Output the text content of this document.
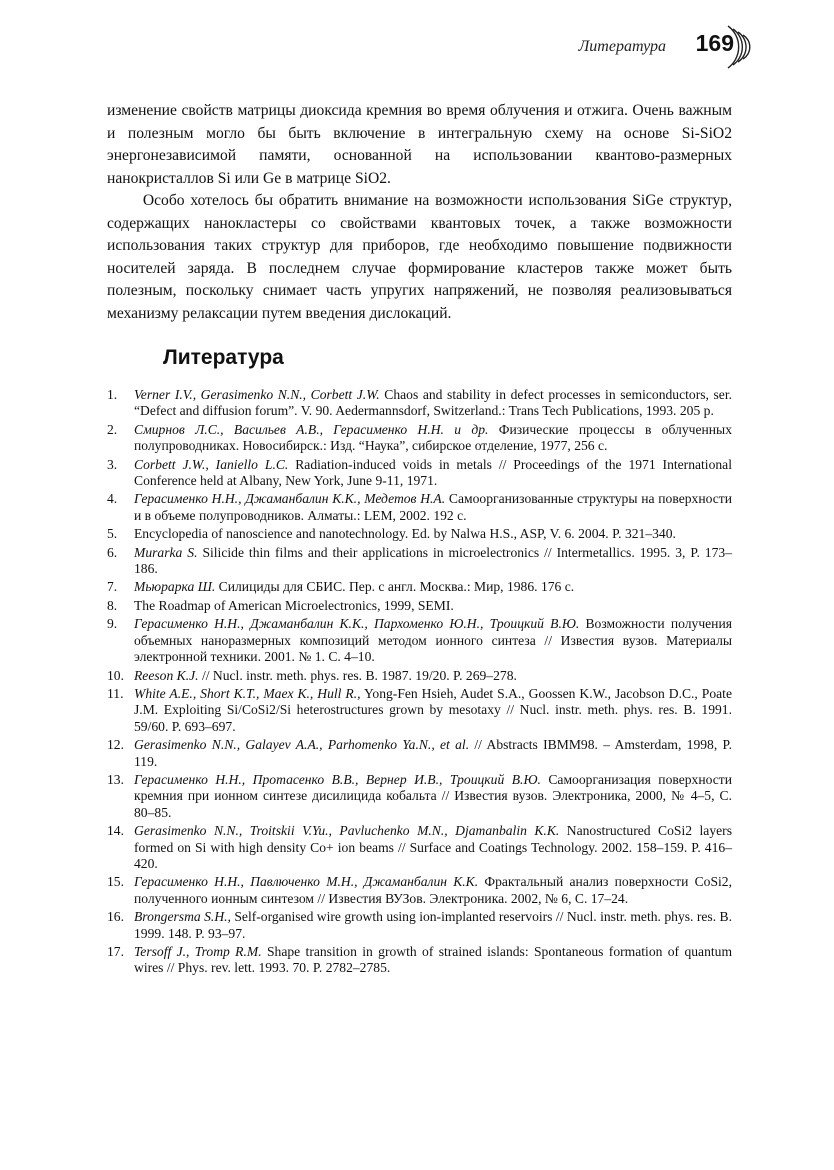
Литература 169

изменение свойств матрицы диоксида кремния во время облучения и отжига. Очень важным и полезным могло бы быть включение в интегральную схему на основе Si-SiO2 энергонезависимой памяти, основанной на использовании квантово-размерных нанокристаллов Si или Ge в матрице SiO2.

Особо хотелось бы обратить внимание на возможности использования SiGe структур, содержащих нанокластеры со свойствами квантовых точек, а также возможности использования таких структур для приборов, где необходимо повышение подвижности носителей заряда. В последнем случае формирование кластеров также может быть полезным, поскольку снимает часть упругих напряжений, не позволяя реализовываться механизму релаксации путем введения дислокаций.

Литература
1.	Verner I.V., Gerasimenko N.N., Corbett J.W. Chaos and stability in defect processes in semiconductors, ser. “Defect and diffusion forum”. V. 90. Aedermannsdorf, Switzerland.: Trans Tech Publications, 1993. 205 p.
2.	Смирнов Л.С., Васильев А.В., Герасименко Н.Н. и др. Физические процессы в облученных полупроводниках. Новосибирск.: Изд. “Наука”, сибирское отделение, 1977, 256 с.
3.	Corbett J.W., Ianiello L.C. Radiation-induced voids in metals // Proceedings of the 1971 International Conference held at Albany, New York, June 9-11, 1971.
4.	Герасименко Н.Н., Джаманбалин К.К., Медетов Н.А. Самоорганизованные структуры на поверхности и в объеме полупроводников. Алматы.: LEM, 2002. 192 с.
5.	Encyclopedia of nanoscience and nanotechnology. Ed. by Nalwa H.S., ASP, V. 6. 2004. P. 321–340.
6.	Murarka S. Silicide thin films and their applications in microelectronics // Intermetallics. 1995. 3, P. 173–186.
7.	Мьюрарка Ш. Силициды для СБИС. Пер. с англ. Москва.: Мир, 1986. 176 с.
8.	The Roadmap of American Microelectronics, 1999, SEMI.
9.	Герасименко Н.Н., Джаманбалин К.К., Пархоменко Ю.Н., Троицкий В.Ю. Возможности получения объемных наноразмерных композиций методом ионного синтеза // Известия вузов. Материалы электронной техники. 2001. № 1. С. 4–10.
10. Reeson K.J. // Nucl. instr. meth. phys. res. B. 1987. 19/20. P. 269–278.
11. White A.E., Short K.T., Maex K., Hull R., Yong-Fen Hsieh, Audet S.A., Goossen K.W., Jacobson D.C., Poate J.M. Exploiting Si/CoSi2/Si heterostructures grown by mesotaxy // Nucl. instr. meth. phys. res. B. 1991. 59/60. P. 693–697.
12. Gerasimenko N.N., Galayev A.A., Parhomenko Ya.N., et al. // Abstracts IBMM98. – Amsterdam, 1998, P. 119.
13. Герасименко Н.Н., Протасенко В.В., Вернер И.В., Троицкий В.Ю. Самоорганизация поверхности кремния при ионном синтезе дисилицида кобальта // Известия вузов. Электроника, 2000, № 4–5, С. 80–85.
14. Gerasimenko N.N., Troitskii V.Yu., Pavluchenko M.N., Djamanbalin K.K. Nanostructured CoSi2 layers formed on Si with high density Co+ ion beams // Surface and Coatings Technology. 2002. 158–159. P. 416–420.
15. Герасименко Н.Н., Павлюченко М.Н., Джаманбалин К.К. Фрактальный анализ поверхности CoSi2, полученного ионным синтезом // Известия ВУЗов. Электроника. 2002, № 6, С. 17–24.
16. Brongersma S.H., Self-organised wire growth using ion-implanted reservoirs // Nucl. instr. meth. phys. res. B. 1999. 148. P. 93–97.
17. Tersoff J., Tromp R.M. Shape transition in growth of strained islands: Spontaneous formation of quantum wires // Phys. rev. lett. 1993. 70. P. 2782–2785.
